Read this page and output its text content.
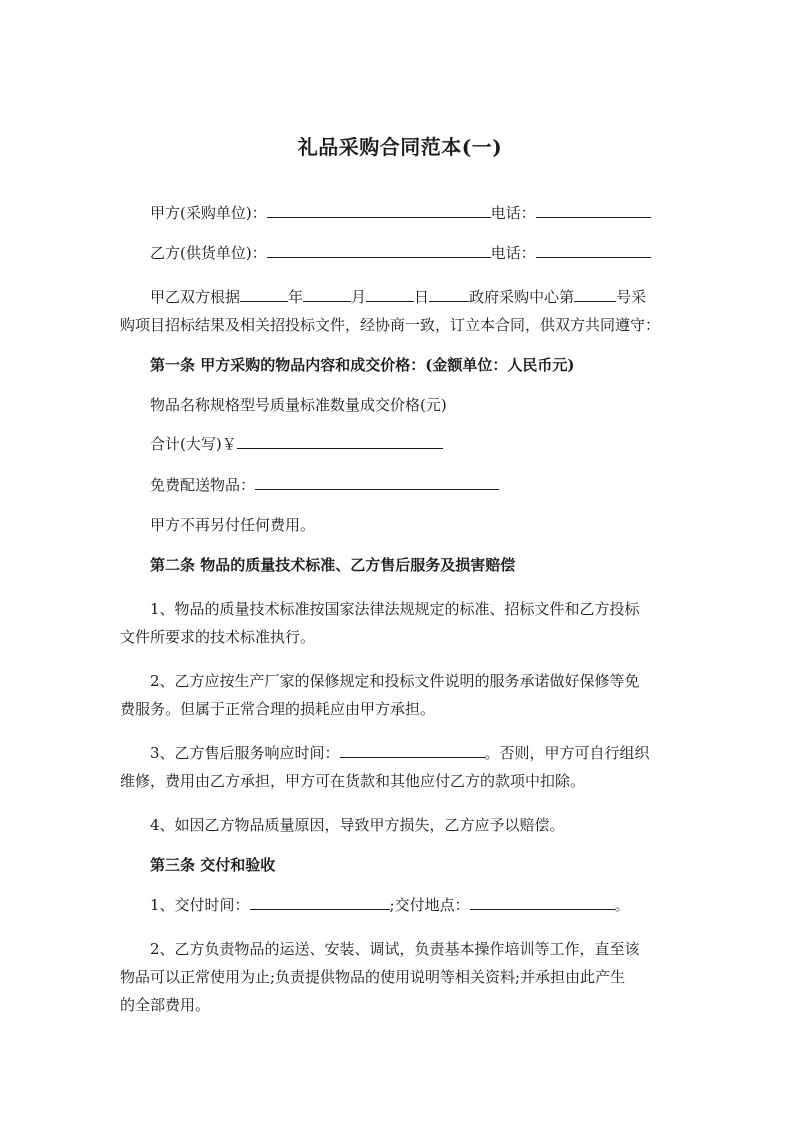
礼品采购合同范本(一)
甲方(采购单位)：	电话：
乙方(供货单位)：	电话：
甲乙双方根据	年	月	日	政府采购中心第	号采
购项目招标结果及相关招投标文件，经协商一致，订立本合同，供双方共同遵守：
第一条 甲方采购的物品内容和成交价格：(金额单位：人民币元)
物品名称规格型号质量标准数量成交价格(元)
合计(大写)￥
免费配送物品：
甲方不再另付任何费用。
第二条 物品的质量技术标准、乙方售后服务及损害赔偿
1、物品的质量技术标准按国家法律法规规定的标准、招标文件和乙方投标
文件所要求的技术标准执行。
2、乙方应按生产厂家的保修规定和投标文件说明的服务承诺做好保修等免
费服务。但属于正常合理的损耗应由甲方承担。
3、乙方售后服务响应时间：	。否则，甲方可自行组织
维修，费用由乙方承担，甲方可在货款和其他应付乙方的款项中扣除。
4、如因乙方物品质量原因，导致甲方损失，乙方应予以赔偿。
第三条 交付和验收
1、交付时间：	;交付地点：	。
2、乙方负责物品的运送、安装、调试，负责基本操作培训等工作，直至该
物品可以正常使用为止;负责提供物品的使用说明等相关资料;并承担由此产生
的全部费用。
